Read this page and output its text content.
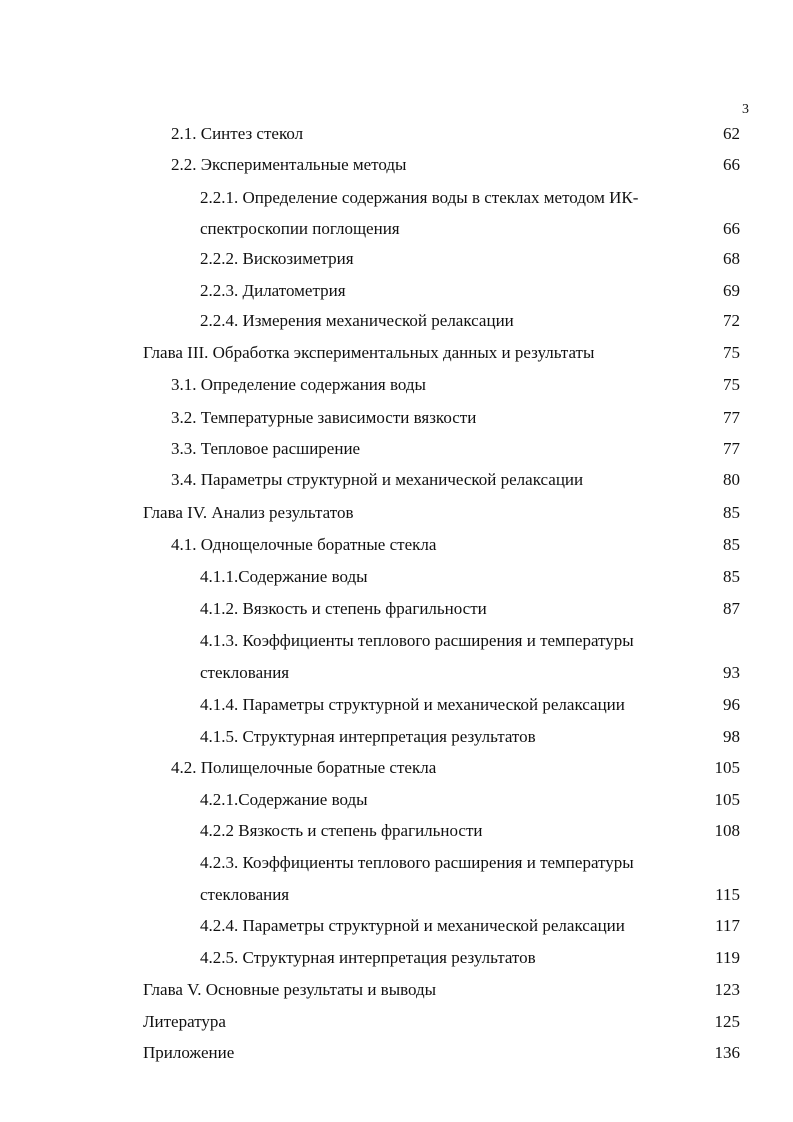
3
2.1. Синтез стекол	62
2.2. Экспериментальные методы	66
2.2.1. Определение содержания воды в стеклах методом ИК-
спектроскопии поглощения	66
2.2.2. Вискозиметрия	68
2.2.3. Дилатометрия	69
2.2.4. Измерения механической релаксации	72
Глава III. Обработка экспериментальных данных и результаты	75
3.1. Определение содержания воды	75
3.2. Температурные зависимости вязкости	77
3.3. Тепловое расширение	77
3.4. Параметры структурной и механической релаксации	80
Глава IV. Анализ результатов	85
4.1. Однощелочные боратные стекла	85
4.1.1.Содержание воды	85
4.1.2. Вязкость и степень фрагильности	87
4.1.3. Коэффициенты теплового расширения и температуры
стеклования	93
4.1.4. Параметры структурной и механической релаксации	96
4.1.5. Структурная интерпретация результатов	98
4.2. Полищелочные боратные стекла	105
4.2.1.Содержание воды	105
4.2.2 Вязкость и степень фрагильности	108
4.2.3. Коэффициенты теплового расширения и температуры
стеклования	115
4.2.4. Параметры структурной и механической релаксации	117
4.2.5. Структурная интерпретация результатов	119
Глава V. Основные результаты и выводы	123
Литература	125
Приложение	136
